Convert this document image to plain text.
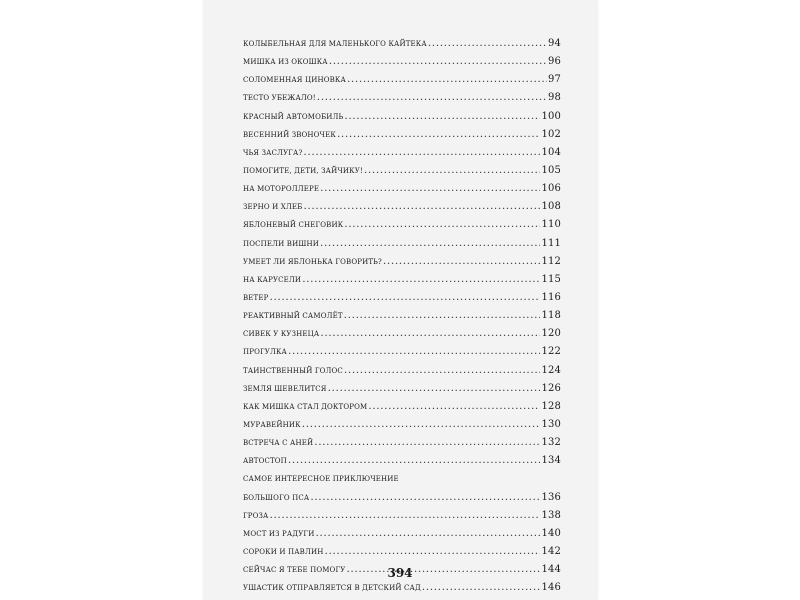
колыбельная для маленького кайтека .....	94
мишка из окошка .....	96
соломенная циновка .....	97
тесто убежало! .....	98
красный автомобиль .....	100
весенний звоночек .....	102
чья заслуга? .....	104
помогите, дети, зайчику! .....	105
на мотороллере .....	106
зерно и хлеб .....	108
яблоневый снеговик .....	110
поспели вишни .....	111
умеет ли яблонька говорить? .....	112
на карусели .....	115
ветер .....	116
реактивный самолёт .....	118
сивек у кузнеца .....	120
прогулка .....	122
таинственный голос .....	124
земля шевелится .....	126
как мишка стал доктором .....	128
муравейник .....	130
встреча с аней .....	132
автостоп .....	134
самое интересное приключение
большого пса .....	136
гроза .....	138
мост из радуги .....	140
сороки и павлин .....	142
сейчас я тебе помогу .....	144
ушастик отправляется в детский сад .....	146
394
